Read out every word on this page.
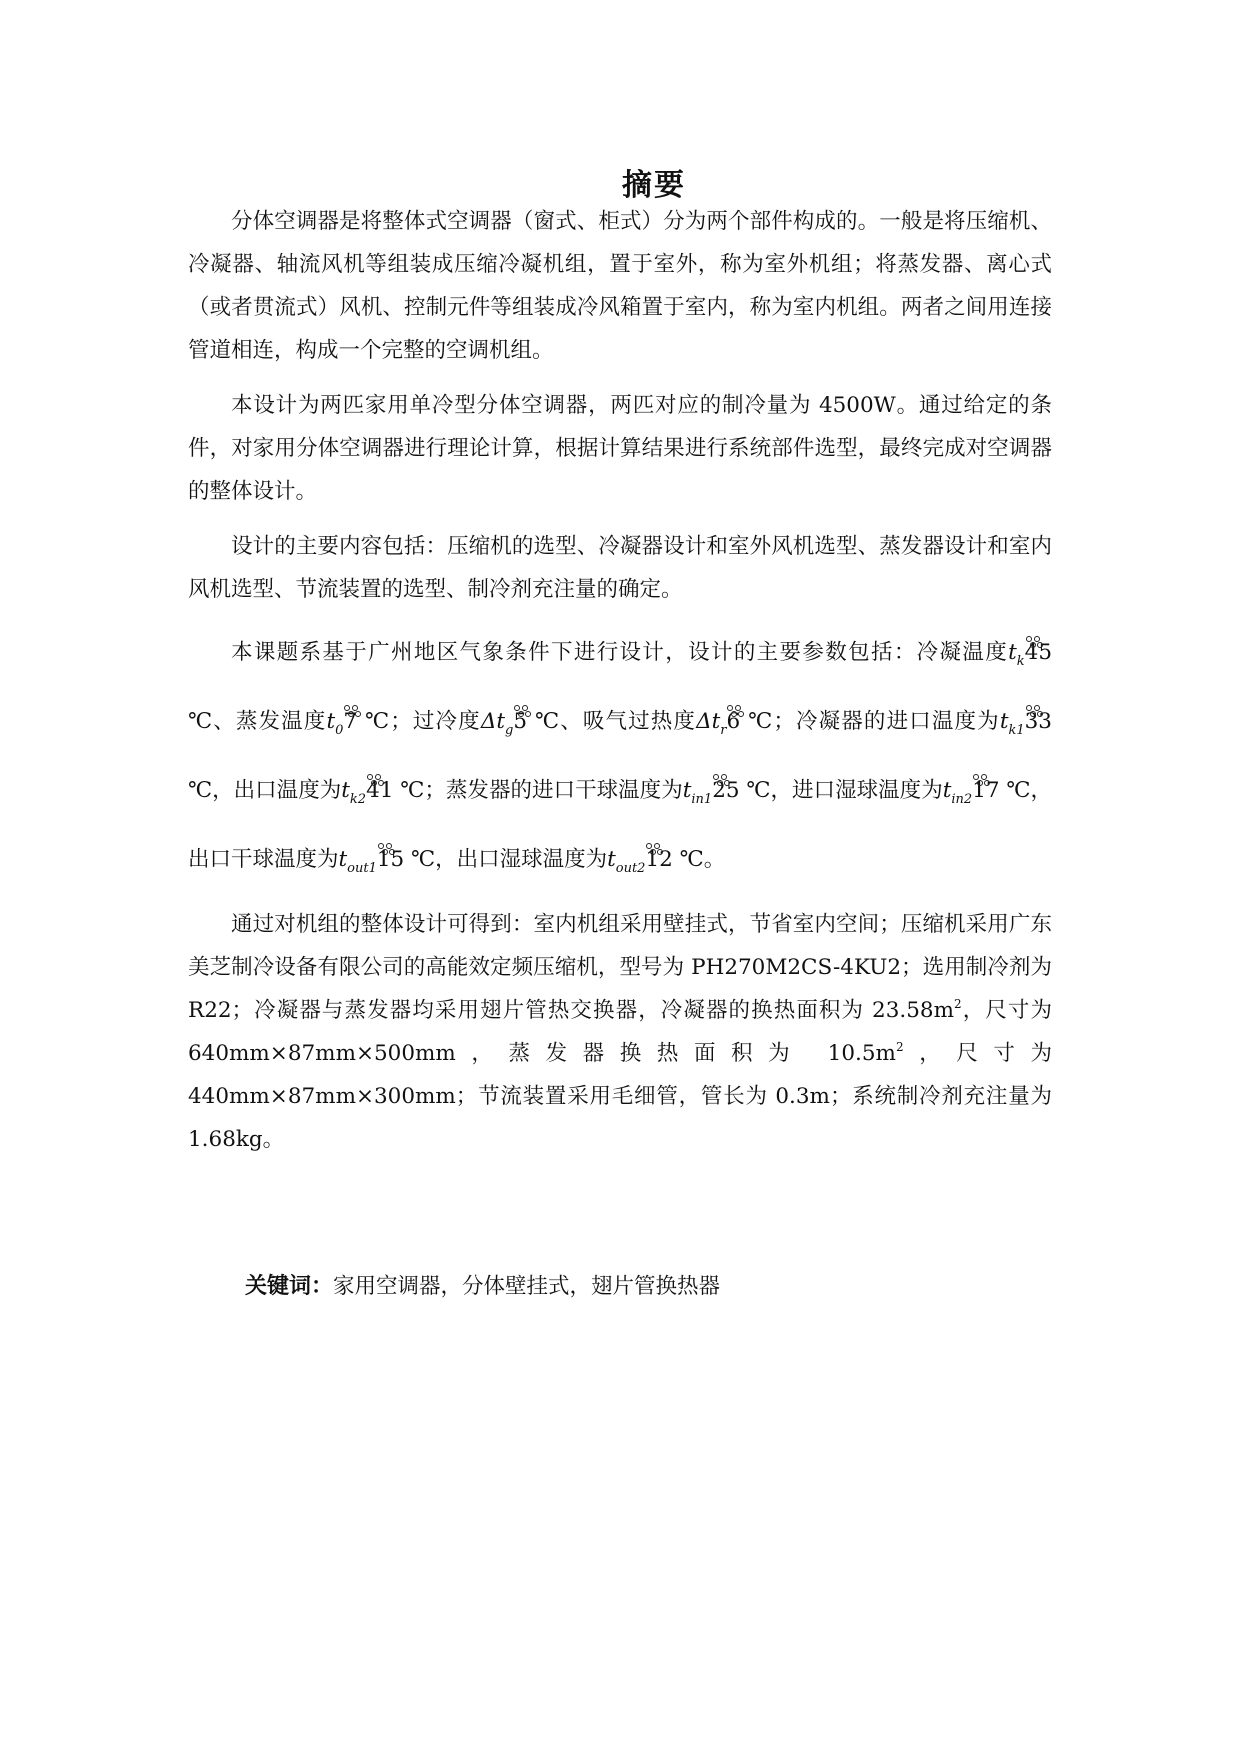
摘要

分体空调器是将整体式空调器（窗式、柜式）分为两个部件构成的。一般是将压缩机、冷凝器、轴流风机等组装成压缩冷凝机组，置于室外，称为室外机组；将蒸发器、离心式（或者贯流式）风机、控制元件等组装成冷风箱置于室内，称为室内机组。两者之间用连接管道相连，构成一个完整的空调机组。

本设计为两匹家用单冷型分体空调器，两匹对应的制冷量为 4500W。通过给定的条件，对家用分体空调器进行理论计算，根据计算结果进行系统部件选型，最终完成对空调器的整体设计。

设计的主要内容包括：压缩机的选型、冷凝器设计和室外风机选型、蒸发器设计和室内风机选型、节流装置的选型、制冷剂充注量的确定。

本课题系基于广州地区气象条件下进行设计，设计的主要参数包括：冷凝温度$t_k$
45 ℃、蒸发温度$t_0$
7 ℃；过冷度$\Delta t_g$
5 ℃、吸气过热度$\Delta t_r$
6 ℃；冷凝器的进口温度为$t_{k1}$
33 ℃，出口温度为$t_{k2}$
41 ℃；蒸发器的进口干球温度为$t_{in1}$
25 ℃，进口湿球温度为$t_{in2}$
17 ℃，出口干球温度为$t_{out1}$
15 ℃，出口湿球温度为$t_{out2}$
12 ℃。

通过对机组的整体设计可得到：室内机组采用壁挂式，节省室内空间；压缩机采用广东美芝制冷设备有限公司的高能效定频压缩机，型号为 PH270M2CS-4KU2；选用制冷剂为 R22；冷凝器与蒸发器均采用翅片管热交换器，冷凝器的换热面积为 $23.58m^2$，尺寸为 640mm×87mm×500mm，蒸发器换热面积为 $10.5m^2$，尺寸为 440mm×87mm×300mm；节流装置采用毛细管，管长为 0.3m；系统制冷剂充注量为 1.68kg。

关键词：家用空调器，分体壁挂式，翅片管换热器
